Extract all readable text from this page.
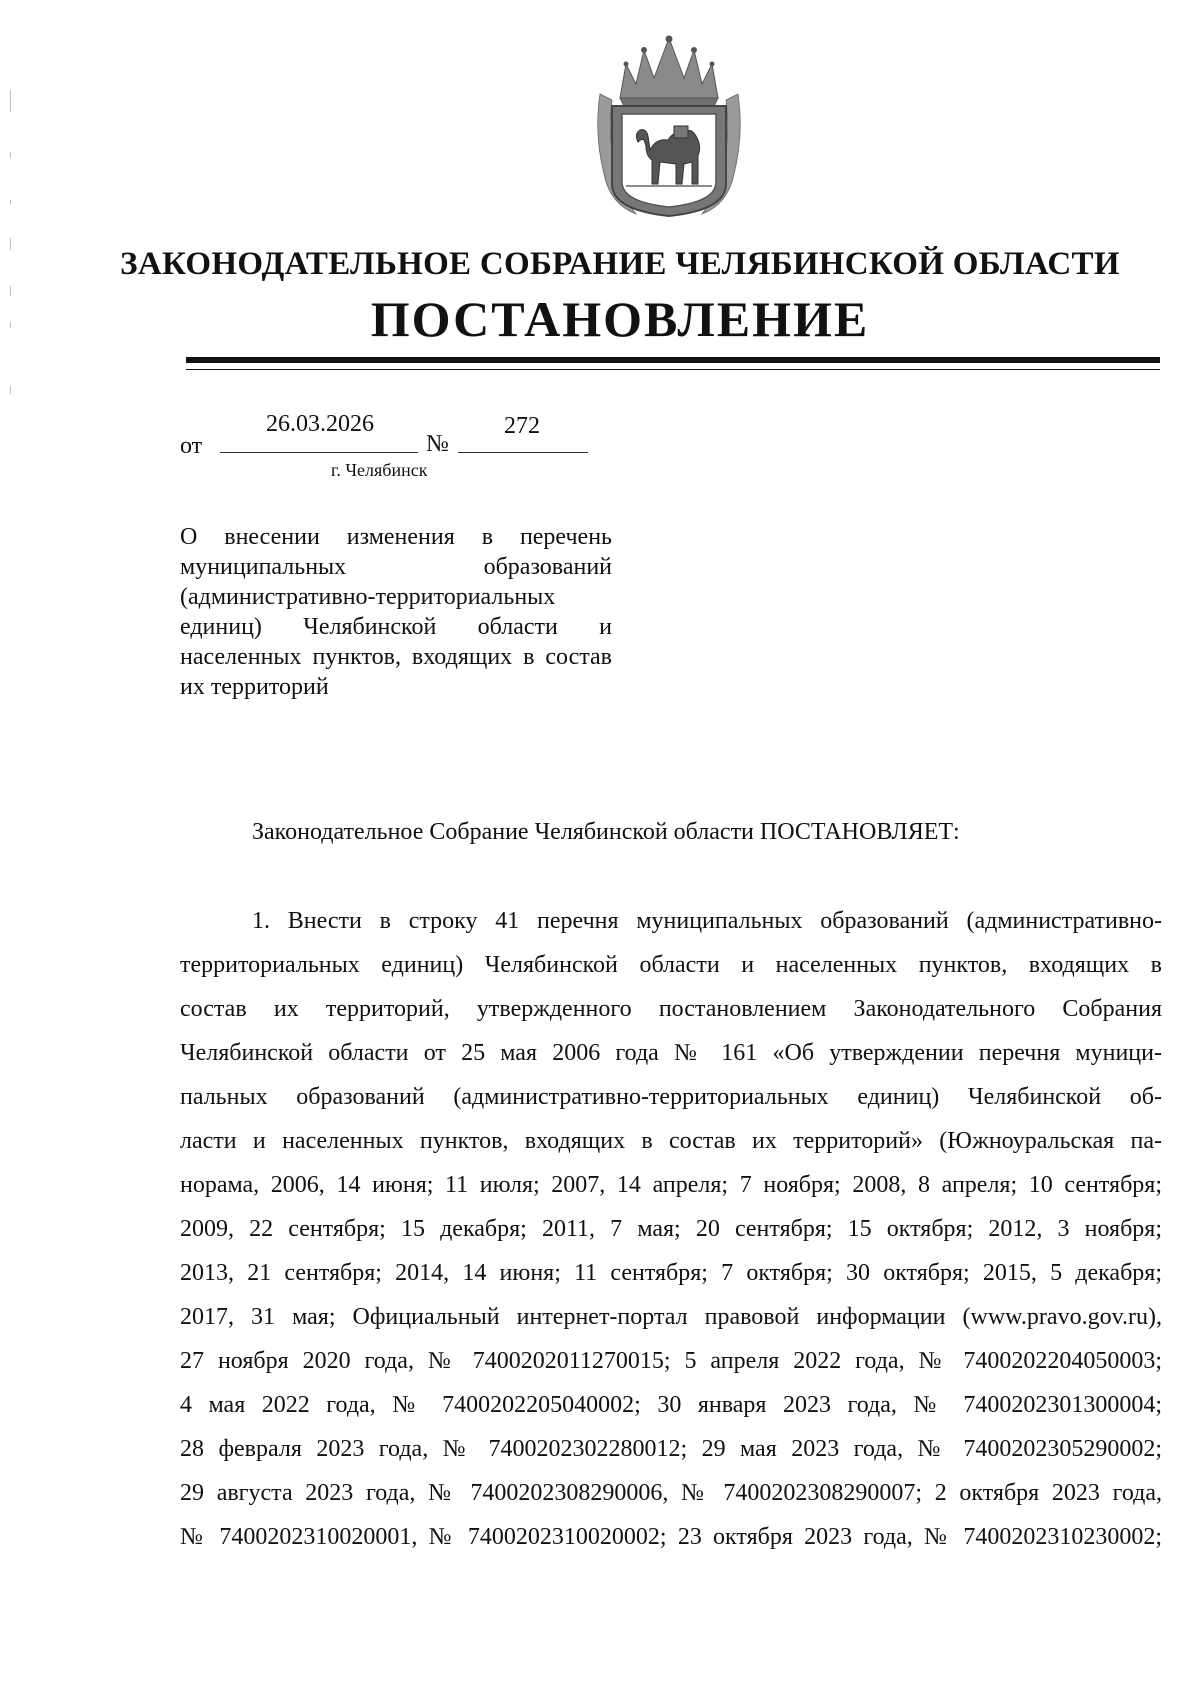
ЗАКОНОДАТЕЛЬНОЕ СОБРАНИЕ ЧЕЛЯБИНСКОЙ ОБЛАСТИ
ПОСТАНОВЛЕНИЕ
от
26.03.2026
№
272
г. Челябинск

О внесении изменения в перечень муниципальных образований (административно-территориальных единиц) Челябинской области и населенных пунктов, входящих в состав их территорий

Законодательное Собрание Челябинской области ПОСТАНОВЛЯЕТ:

1. Внести в строку 41 перечня муниципальных образований (административно-

территориальных единиц) Челябинской области и населенных пунктов, входящих в

состав их территорий, утвержденного постановлением Законодательного Собрания

Челябинской области от 25 мая 2006 года № 161 «Об утверждении перечня муници-

пальных образований (административно-территориальных единиц) Челябинской об-

ласти и населенных пунктов, входящих в состав их территорий» (Южноуральская па-

норама, 2006, 14 июня; 11 июля; 2007, 14 апреля; 7 ноября; 2008, 8 апреля; 10 сентября;

2009, 22 сентября; 15 декабря; 2011, 7 мая; 20 сентября; 15 октября; 2012, 3 ноября;

2013, 21 сентября; 2014, 14 июня; 11 сентября; 7 октября; 30 октября; 2015, 5 декабря;

2017, 31 мая; Официальный интернет-портал правовой информации (www.pravo.gov.ru),

27 ноября 2020 года, № 7400202011270015; 5 апреля 2022 года, № 7400202204050003;

4 мая 2022 года, № 7400202205040002; 30 января 2023 года, № 7400202301300004;

28 февраля 2023 года, № 7400202302280012; 29 мая 2023 года, № 7400202305290002;

29 августа 2023 года, № 7400202308290006, № 7400202308290007; 2 октября 2023 года,

№ 7400202310020001, № 7400202310020002; 23 октября 2023 года, № 7400202310230002;
